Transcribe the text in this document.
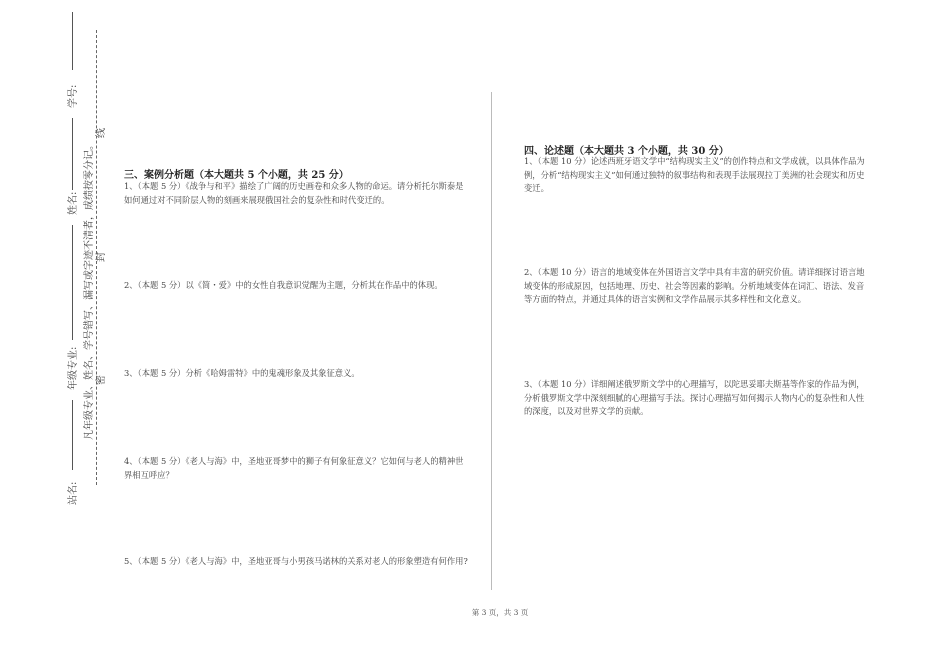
学号:
姓名:
年级专业:
站名:
凡年级专业、姓名、学号错写、漏写或字迹不清者，成绩按零分记。
线
封
密
三、案例分析题（本大题共 5 个小题，共 25 分）
1、（本题 5 分）《战争与和平》描绘了广阔的历史画卷和众多人物的命运。请分析托尔斯泰是如何通过对不同阶层人物的刻画来展现俄国社会的复杂性和时代变迁的。
2、（本题 5 分）以《简・爱》中的女性自我意识觉醒为主题，分析其在作品中的体现。
3、（本题 5 分）分析《哈姆雷特》中的鬼魂形象及其象征意义。
4、（本题 5 分）《老人与海》中，圣地亚哥梦中的狮子有何象征意义？它如何与老人的精神世界相互呼应？
5、（本题 5 分）《老人与海》中，圣地亚哥与小男孩马诺林的关系对老人的形象塑造有何作用?
四、论述题（本大题共 3 个小题，共 30 分）
1、（本题 10 分）论述西班牙语文学中“结构现实主义”的创作特点和文学成就，以具体作品为例，分析“结构现实主义”如何通过独特的叙事结构和表现手法展现拉丁美洲的社会现实和历史变迁。
2、（本题 10 分）语言的地域变体在外国语言文学中具有丰富的研究价值。请详细探讨语言地域变体的形成原因，包括地理、历史、社会等因素的影响。分析地域变体在词汇、语法、发音等方面的特点，并通过具体的语言实例和文学作品展示其多样性和文化意义。
3、（本题 10 分）详细阐述俄罗斯文学中的心理描写，以陀思妥耶夫斯基等作家的作品为例，分析俄罗斯文学中深刻细腻的心理描写手法。探讨心理描写如何揭示人物内心的复杂性和人性的深度，以及对世界文学的贡献。
第 3 页，共 3 页
